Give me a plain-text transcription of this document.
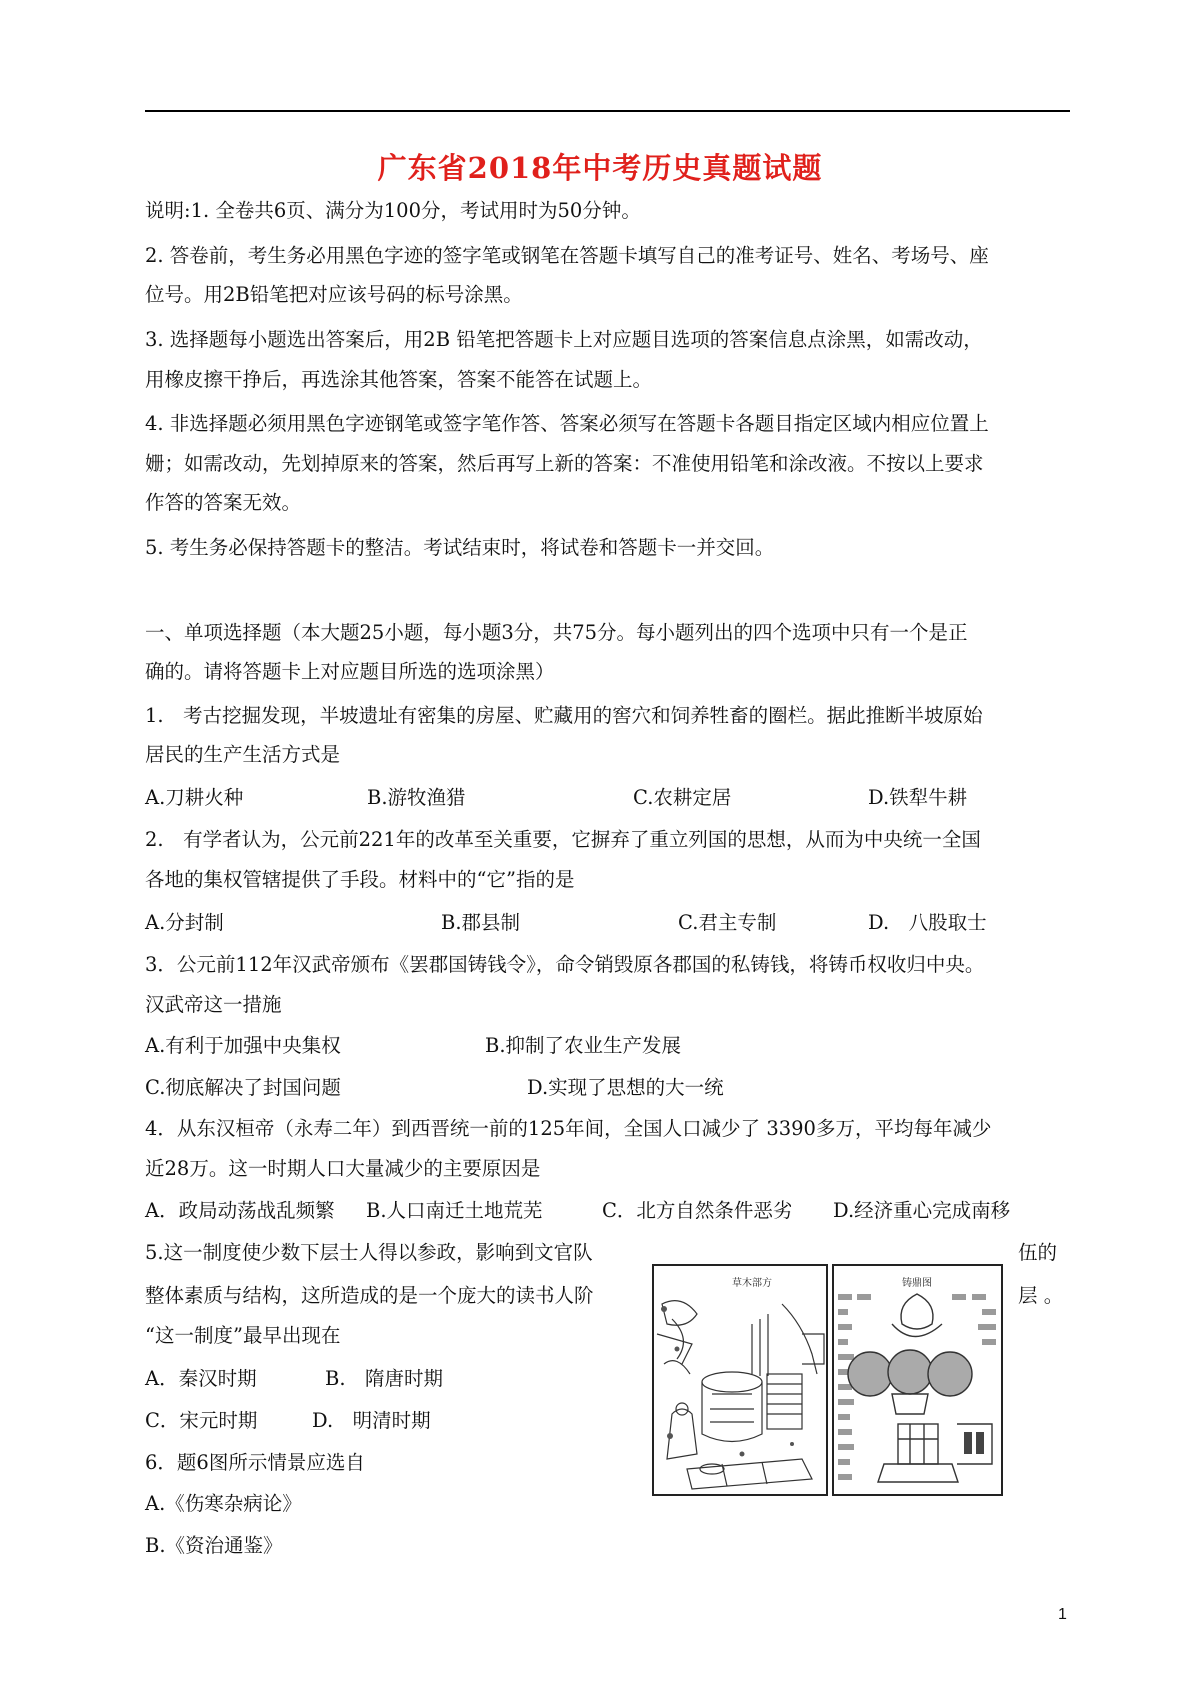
广东省2018年中考历史真题试题
说明:1. 全卷共6页、满分为100分，考试用时为50分钟。
2. 答卷前，考生务必用黑色字迹的签字笔或钢笔在答题卡填写自己的准考证号、姓名、考场号、座
位号。用2B铅笔把对应该号码的标号涂黑。
3. 选择题每小题选出答案后，用2B 铅笔把答题卡上对应题目选项的答案信息点涂黑，如需改动，
用橡皮擦干挣后，再选涂其他答案，答案不能答在试题上。
4. 非选择题必须用黑色字迹钢笔或签字笔作答、答案必须写在答题卡各题目指定区域内相应位置上
姗；如需改动，先划掉原来的答案，然后再写上新的答案：不准使用铅笔和涂改液。不按以上要求
作答的答案无效。
5. 考生务必保持答题卡的整洁。考试结束时，将试卷和答题卡一并交回。
一、单项选择题（本大题25小题，每小题3分，共75分。每小题列出的四个选项中只有一个是正
确的。请将答题卡上对应题目所选的选项涂黑）
1.　考古挖掘发现，半坡遗址有密集的房屋、贮藏用的窖穴和饲养牲畜的圈栏。据此推断半坡原始
居民的生产生活方式是
A.刀耕火种	B.游牧渔猎	C.农耕定居	D.铁犁牛耕
2.　有学者认为，公元前221年的改革至关重要，它摒弃了重立列国的思想，从而为中央统一全国
各地的集权管辖提供了手段。材料中的“它”指的是
A.分封制	B.郡县制	C.君主专制	D.　八股取士
3．公元前112年汉武帝颁布《罢郡国铸钱令》，命令销毁原各郡国的私铸钱，将铸币权收归中央。
汉武帝这一措施
A.有利于加强中央集权	B.抑制了农业生产发展
C.彻底解决了封国问题	D.实现了思想的大一统
4．从东汉桓帝（永寿二年）到西晋统一前的125年间，全国人口减少了 3390多万，平均每年减少
近28万。这一时期人口大量减少的主要原因是
A．政局动荡战乱频繁 B.人口南迁土地荒芜	C．北方自然条件恶劣 D.经济重心完成南移
5.这一制度使少数下层士人得以参政，影响到文官队	伍的
整体素质与结构，这所造成的是一个庞大的读书人阶	层 。
“这一制度”最早出现在
A．秦汉时期	B.　隋唐时期
C．宋元时期	D.　明清时期
6．题6图所示情景应选自
A.《伤寒杂病论》
B.《资治通鉴》
草木部方	铸鼎图
1
